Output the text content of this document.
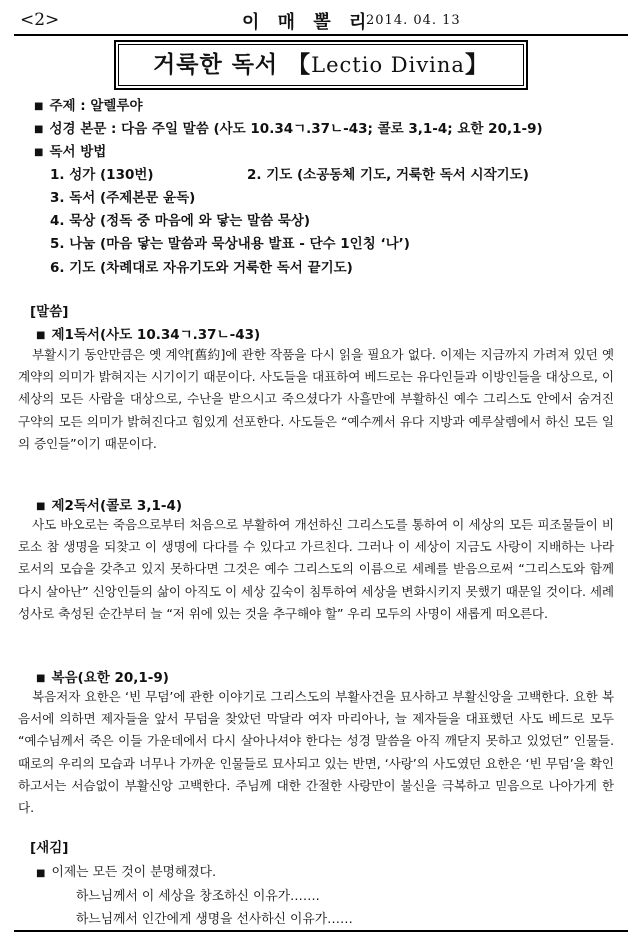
<2>	이 매 뽈 리
2014. 04. 13
거룩한 독서 【Lectio Divina】
■ 주제 : 알렐루야
■ 성경 본문 : 다음 주일 말씀 (사도 10.34ㄱ.37ㄴ-43; 콜로 3,1-4; 요한 20,1-9)
■ 독서 방법
1. 성가 (130번)	2. 기도 (소공동체 기도, 거룩한 독서 시작기도)
3. 독서 (주제본문 윤독)
4. 묵상 (정독 중 마음에 와 닿는 말씀 묵상)
5. 나눔 (마음 닿는 말씀과 묵상내용 발표 - 단수 1인칭 ‘나’)
6. 기도 (차례대로 자유기도와 거룩한 독서 끝기도)
[말씀]
■ 제1독서(사도 10.34ㄱ.37ㄴ-43)
부활시기 동안만큼은 옛 계약[舊約]에 관한 작품을 다시 읽을 필요가 없다. 이제는 지금까지 가려져 있던 옛 계약의 의미가 밝혀지는 시기이기 때문이다. 사도들을 대표하여 베드로는 유다인들과 이방인들을 대상으로, 이 세상의 모든 사람을 대상으로, 수난을 받으시고 죽으셨다가 사흘만에 부활하신 예수 그리스도 안에서 숨겨진 구약의 모든 의미가 밝혀진다고 힘있게 선포한다. 사도들은 “예수께서 유다 지방과 예루살렘에서 하신 모든 일의 증인들”이기 때문이다.
■ 제2독서(콜로 3,1-4)
사도 바오로는 죽음으로부터 처음으로 부활하여 개선하신 그리스도를 통하여 이 세상의 모든 피조물들이 비로소 참 생명을 되찾고 이 생명에 다다를 수 있다고 가르친다. 그러나 이 세상이 지금도 사랑이 지배하는 나라로서의 모습을 갖추고 있지 못하다면 그것은 예수 그리스도의 이름으로 세례를 받음으로써 “그리스도와 함께 다시 살아난” 신앙인들의 삶이 아직도 이 세상 깊숙이 침투하여 세상을 변화시키지 못했기 때문일 것이다. 세례성사로 축성된 순간부터 늘 “저 위에 있는 것을 추구해야 할” 우리 모두의 사명이 새롭게 떠오른다.
■ 복음(요한 20,1-9)
복음저자 요한은 ‘빈 무덤’에 관한 이야기로 그리스도의 부활사건을 묘사하고 부활신앙을 고백한다. 요한 복음서에 의하면 제자들을 앞서 무덤을 찾았던 막달라 여자 마리아나, 늘 제자들을 대표했던 사도 베드로 모두 “예수님께서 죽은 이들 가운데에서 다시 살아나셔야 한다는 성경 말씀을 아직 깨닫지 못하고 있었던” 인물들. 때로의 우리의 모습과 너무나 가까운 인물들로 묘사되고 있는 반면, ‘사랑’의 사도였던 요한은 ‘빈 무덤’을 확인하고서는 서슴없이 부활신앙 고백한다. 주님께 대한 간절한 사랑만이 불신을 극복하고 믿음으로 나아가게 한다.
[새김]
■ 이제는 모든 것이 분명해졌다.
하느님께서 이 세상을 창조하신 이유가…….
하느님께서 인간에게 생명을 선사하신 이유가……
